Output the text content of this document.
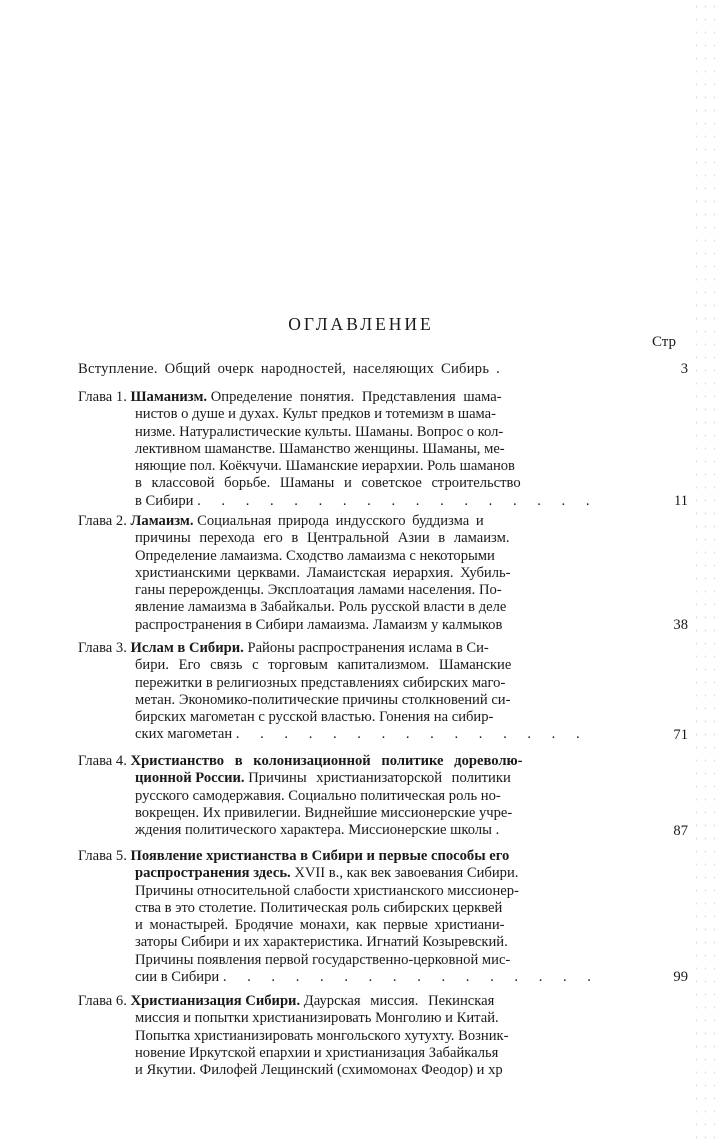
ОГЛАВЛЕНИЕ
Стр
Вступление. Общий очерк народностей, населяющих Сибирь .	3
Глава 1. Шаманизм. Определение понятия. Представления шама-
нистов о душе и духах. Культ предков и тотемизм в шама-
низме. Натуралистические культы. Шаманы. Вопрос о кол-
лективном шаманстве. Шаманство женщины. Шаманы, ме-
няющие пол. Коёкчучи. Шаманские иерархии. Роль шаманов
в классовой борьбе. Шаманы и советское строительство
в Сибири . . . . . . . . . . . . . . . . .	11
Глава 2. Ламаизм. Социальная природа индусского буддизма и
причины перехода его в Центральной Азии в ламаизм.
Определение ламаизма. Сходство ламаизма с некоторыми
христианскими церквами. Ламаистская иерархия. Хубиль-
ганы перерожденцы. Эксплоатация ламами населения. По-
явление ламаизма в Забайкальи. Роль русской власти в деле
распространения в Сибири ламаизма. Ламаизм у калмыков	38
Глава 3. Ислам в Сибири. Районы распространения ислама в Си-
бири. Его связь с торговым капитализмом. Шаманские
пережитки в религиозных представлениях сибирских маго-
метан. Экономико-политические причины столкновений си-
бирских магометан с русской властью. Гонения на сибир-
ских магометан . . . . . . . . . . . . . . .	71
Глава 4. Христианство в колонизационной политике дореволю-
ционной России. Причины христианизаторской политики
русского самодержавия. Социально политическая роль но-
вокрещен. Их привилегии. Виднейшие миссионерские учре-
ждения политического характера. Миссионерские школы .	87
Глава 5. Появление христианства в Сибири и первые способы его
распространения здесь. XVII в., как век завоевания Сибири.
Причины относительной слабости христианского миссионер-
ства в это столетие. Политическая роль сибирских церквей
и монастырей. Бродячие монахи, как первые христиани-
заторы Сибири и их характеристика. Игнатий Козыревский.
Причины появления первой государственно-церковной мис-
сии в Сибири . . . . . . . . . . . . . . . .	99
Глава 6. Христианизация Сибири. Даурская миссия. Пекинская
миссия и попытки христианизировать Монголию и Китай.
Попытка христианизировать монгольского хутухту. Возник-
новение Иркутской епархии и христианизация Забайкалья
и Якутии. Филофей Лещинский (схимомонах Феодор) и хр
